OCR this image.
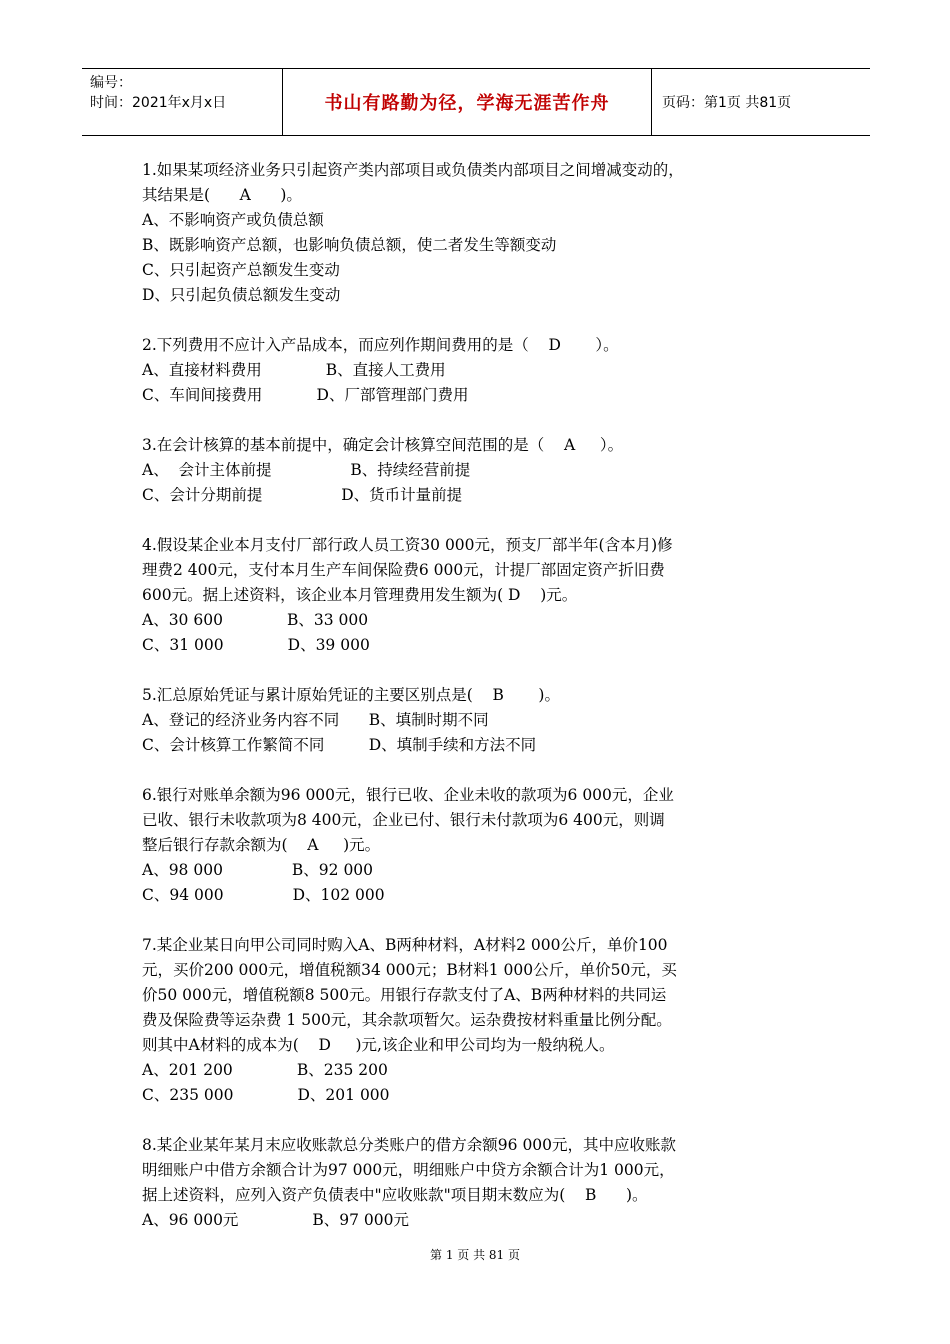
编号：
时间：2021年x月x日	书山有路勤为径，学海无涯苦作舟	页码：第1页 共81页
1.如果某项经济业务只引起资产类内部项目或负债类内部项目之间增减变动的，
其结果是(      A      )。
A、不影响资产或负债总额
B、既影响资产总额，也影响负债总额，使二者发生等额变动
C、只引起资产总额发生变动
D、只引起负债总额发生变动
2.下列费用不应计入产品成本，而应列作期间费用的是（    D       ）。
A、直接材料费用             B、直接人工费用
C、车间间接费用           D、厂部管理部门费用
3.在会计核算的基本前提中，确定会计核算空间范围的是（    A     ）。
A、  会计主体前提                B、持续经营前提
C、会计分期前提                D、货币计量前提
4.假设某企业本月支付厂部行政人员工资30 000元，预支厂部半年(含本月)修
理费2 400元，支付本月生产车间保险费6 000元，计提厂部固定资产折旧费
600元。据上述资料，该企业本月管理费用发生额为( D    )元。
A、30 600             B、33 000
C、31 000             D、39 000
5.汇总原始凭证与累计原始凭证的主要区别点是(    B       )。
A、登记的经济业务内容不同      B、填制时期不同
C、会计核算工作繁简不同         D、填制手续和方法不同
6.银行对账单余额为96 000元，银行已收、企业未收的款项为6 000元，企业
已收、银行未收款项为8 400元，企业已付、银行未付款项为6 400元，则调
整后银行存款余额为(    A     )元。
A、98 000              B、92 000
C、94 000              D、102 000
7.某企业某日向甲公司同时购入A、B两种材料，A材料2 000公斤，单价100
元，买价200 000元，增值税额34 000元；B材料1 000公斤，单价50元，买
价50 000元，增值税额8 500元。用银行存款支付了A、B两种材料的共同运
费及保险费等运杂费 1 500元，其余款项暂欠。运杂费按材料重量比例分配。
则其中A材料的成本为(    D     )元,该企业和甲公司均为一般纳税人。
A、201 200             B、235 200
C、235 000             D、201 000
8.某企业某年某月末应收账款总分类账户的借方余额96 000元，其中应收账款
明细账户中借方余额合计为97 000元，明细账户中贷方余额合计为1 000元，
据上述资料，应列入资产负债表中"应收账款"项目期末数应为(    B      )。
A、96 000元               B、97 000元
第 1 页 共 81 页
